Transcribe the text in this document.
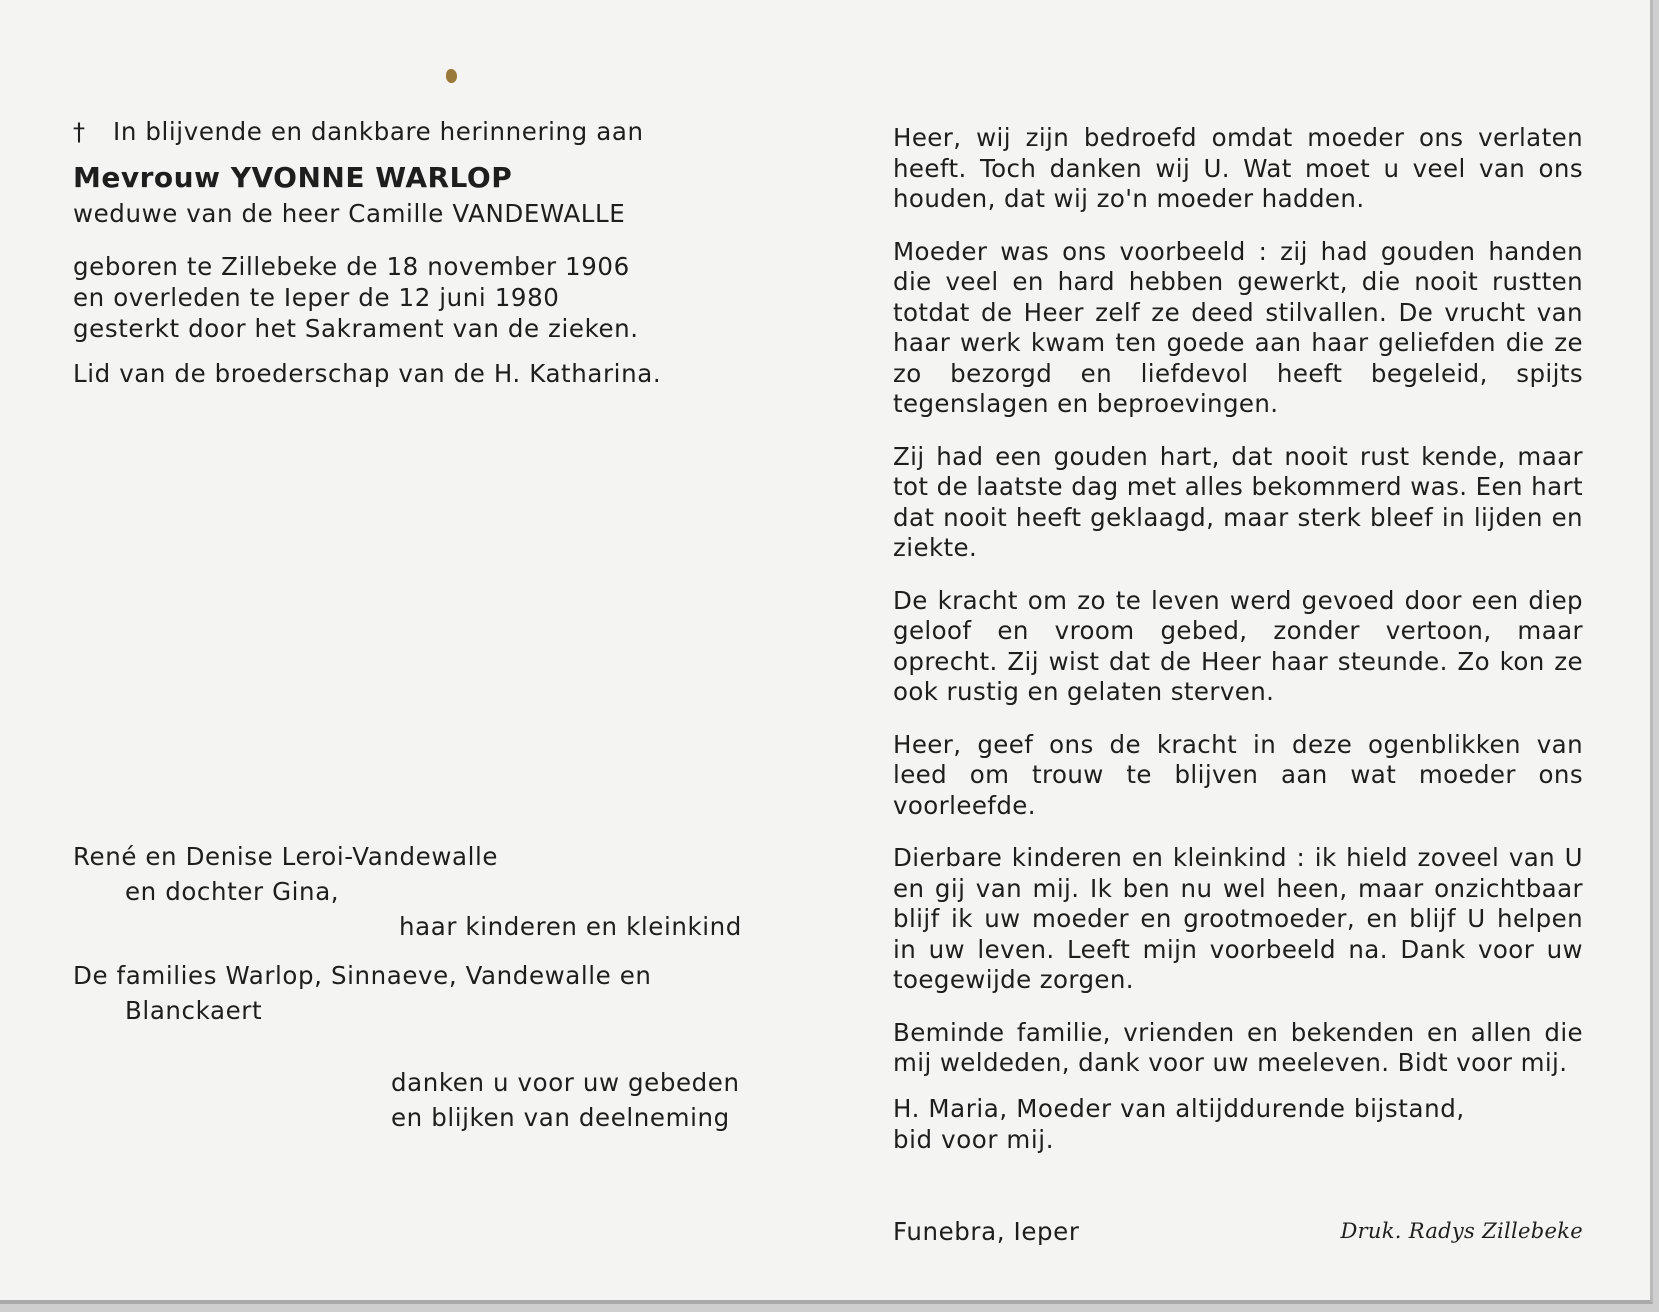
† In blijvende en dankbare herinnering aan
Mevrouw YVONNE WARLOP
weduwe van de heer Camille VANDEWALLE
geboren te Zillebeke de 18 november 1906
en overleden te Ieper de 12 juni 1980
gesterkt door het Sakrament van de zieken.
Lid van de broederschap van de H. Katharina.
René en Denise Leroi-Vandewalle
en dochter Gina,
haar kinderen en kleinkind
De families Warlop, Sinnaeve, Vandewalle en
Blanckaert
danken u voor uw gebeden
en blijken van deelneming

Heer, wij zijn bedroefd omdat moeder ons verlaten heeft. Toch danken wij U. Wat moet u veel van ons houden, dat wij zo'n moeder hadden.

Moeder was ons voorbeeld : zij had gouden handen die veel en hard hebben gewerkt, die nooit rustten totdat de Heer zelf ze deed stilvallen. De vrucht van haar werk kwam ten goede aan haar geliefden die ze zo bezorgd en liefdevol heeft begeleid, spijts tegenslagen en beproevingen.

Zij had een gouden hart, dat nooit rust kende, maar tot de laatste dag met alles bekommerd was. Een hart dat nooit heeft geklaagd, maar sterk bleef in lijden en ziekte.

De kracht om zo te leven werd gevoed door een diep geloof en vroom gebed, zonder vertoon, maar oprecht. Zij wist dat de Heer haar steunde. Zo kon ze ook rustig en gelaten sterven.

Heer, geef ons de kracht in deze ogenblikken van leed om trouw te blijven aan wat moeder ons voorleefde.

Dierbare kinderen en kleinkind : ik hield zoveel van U en gij van mij. Ik ben nu wel heen, maar onzichtbaar blijf ik uw moeder en grootmoeder, en blijf U helpen in uw leven. Leeft mijn voorbeeld na. Dank voor uw toegewijde zorgen.

Beminde familie, vrienden en bekenden en allen die mij weldeden, dank voor uw meeleven. Bidt voor mij.

H. Maria, Moeder van altijddurende bijstand,
bid voor mij.
Funebra, Ieper	Druk. Radys Zillebeke
